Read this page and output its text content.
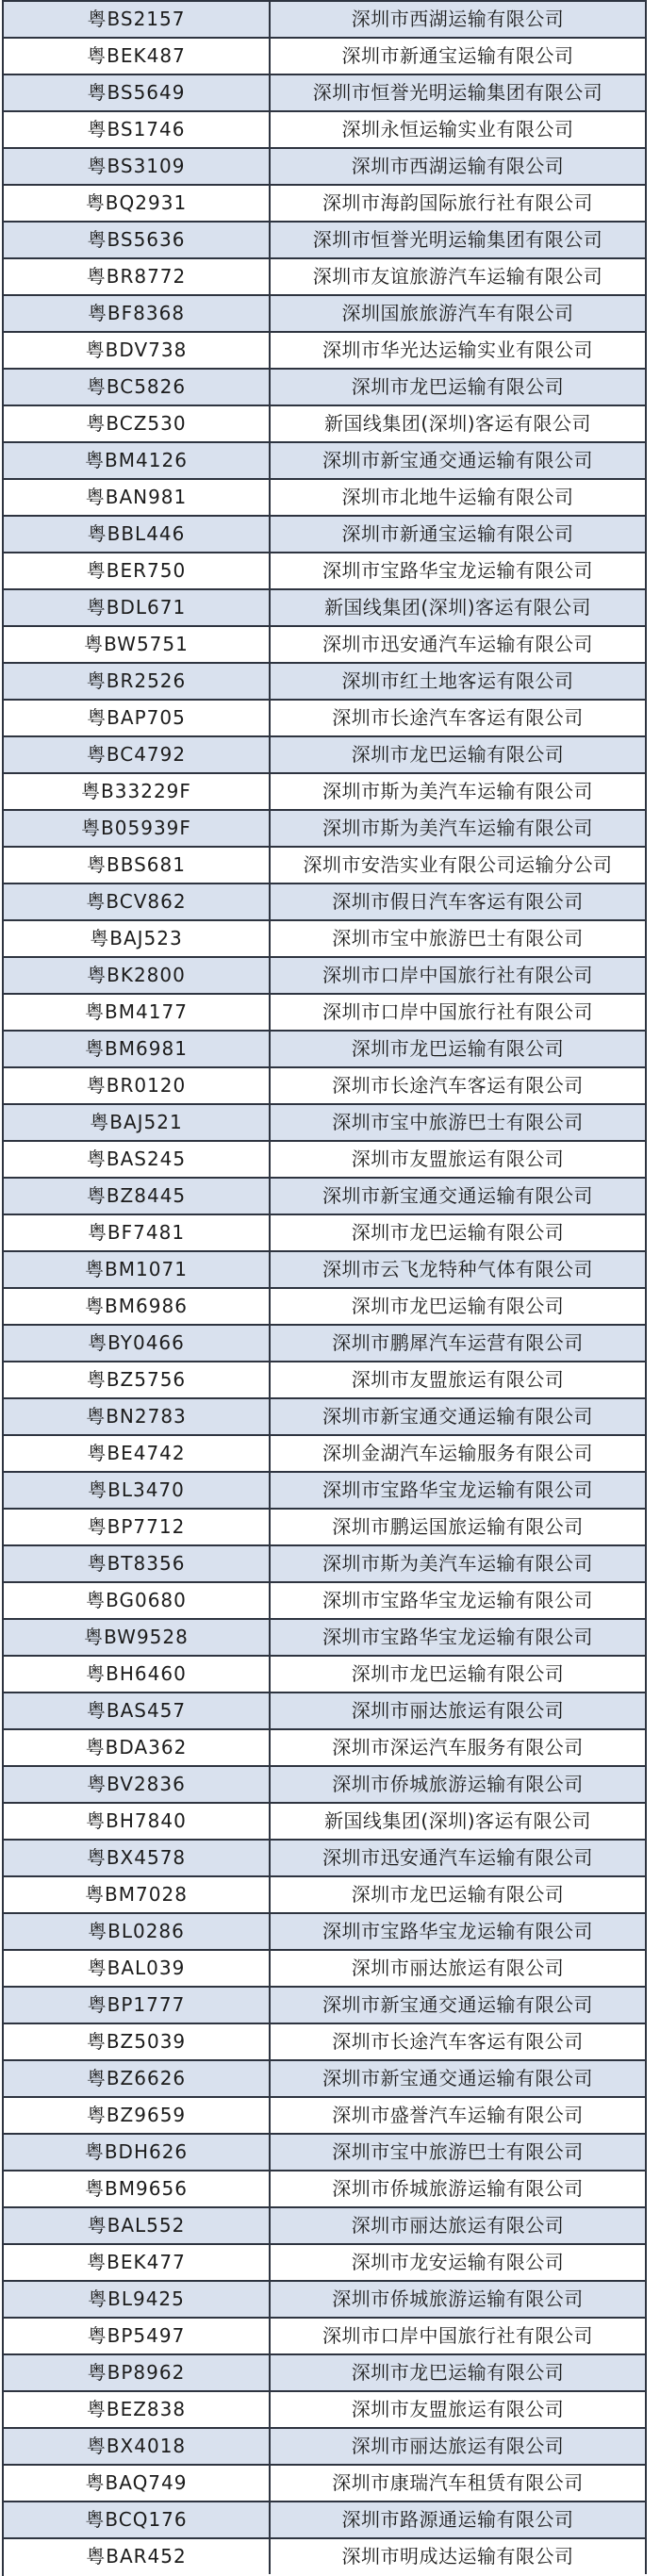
粤BS2157	深圳市西湖运输有限公司
粤BEK487	深圳市新通宝运输有限公司
粤BS5649	深圳市恒誉光明运输集团有限公司
粤BS1746	深圳永恒运输实业有限公司
粤BS3109	深圳市西湖运输有限公司
粤BQ2931	深圳市海韵国际旅行社有限公司
粤BS5636	深圳市恒誉光明运输集团有限公司
粤BR8772	深圳市友谊旅游汽车运输有限公司
粤BF8368	深圳国旅旅游汽车有限公司
粤BDV738	深圳市华光达运输实业有限公司
粤BC5826	深圳市龙巴运输有限公司
粤BCZ530	新国线集团(深圳)客运有限公司
粤BM4126	深圳市新宝通交通运输有限公司
粤BAN981	深圳市北地牛运输有限公司
粤BBL446	深圳市新通宝运输有限公司
粤BER750	深圳市宝路华宝龙运输有限公司
粤BDL671	新国线集团(深圳)客运有限公司
粤BW5751	深圳市迅安通汽车运输有限公司
粤BR2526	深圳市红土地客运有限公司
粤BAP705	深圳市长途汽车客运有限公司
粤BC4792	深圳市龙巴运输有限公司
粤B33229F	深圳市斯为美汽车运输有限公司
粤B05939F	深圳市斯为美汽车运输有限公司
粤BBS681	深圳市安浩实业有限公司运输分公司
粤BCV862	深圳市假日汽车客运有限公司
粤BAJ523	深圳市宝中旅游巴士有限公司
粤BK2800	深圳市口岸中国旅行社有限公司
粤BM4177	深圳市口岸中国旅行社有限公司
粤BM6981	深圳市龙巴运输有限公司
粤BR0120	深圳市长途汽车客运有限公司
粤BAJ521	深圳市宝中旅游巴士有限公司
粤BAS245	深圳市友盟旅运有限公司
粤BZ8445	深圳市新宝通交通运输有限公司
粤BF7481	深圳市龙巴运输有限公司
粤BM1071	深圳市云飞龙特种气体有限公司
粤BM6986	深圳市龙巴运输有限公司
粤BY0466	深圳市鹏犀汽车运营有限公司
粤BZ5756	深圳市友盟旅运有限公司
粤BN2783	深圳市新宝通交通运输有限公司
粤BE4742	深圳金湖汽车运输服务有限公司
粤BL3470	深圳市宝路华宝龙运输有限公司
粤BP7712	深圳市鹏运国旅运输有限公司
粤BT8356	深圳市斯为美汽车运输有限公司
粤BG0680	深圳市宝路华宝龙运输有限公司
粤BW9528	深圳市宝路华宝龙运输有限公司
粤BH6460	深圳市龙巴运输有限公司
粤BAS457	深圳市丽达旅运有限公司
粤BDA362	深圳市深运汽车服务有限公司
粤BV2836	深圳市侨城旅游运输有限公司
粤BH7840	新国线集团(深圳)客运有限公司
粤BX4578	深圳市迅安通汽车运输有限公司
粤BM7028	深圳市龙巴运输有限公司
粤BL0286	深圳市宝路华宝龙运输有限公司
粤BAL039	深圳市丽达旅运有限公司
粤BP1777	深圳市新宝通交通运输有限公司
粤BZ5039	深圳市长途汽车客运有限公司
粤BZ6626	深圳市新宝通交通运输有限公司
粤BZ9659	深圳市盛誉汽车运输有限公司
粤BDH626	深圳市宝中旅游巴士有限公司
粤BM9656	深圳市侨城旅游运输有限公司
粤BAL552	深圳市丽达旅运有限公司
粤BEK477	深圳市龙安运输有限公司
粤BL9425	深圳市侨城旅游运输有限公司
粤BP5497	深圳市口岸中国旅行社有限公司
粤BP8962	深圳市龙巴运输有限公司
粤BEZ838	深圳市友盟旅运有限公司
粤BX4018	深圳市丽达旅运有限公司
粤BAQ749	深圳市康瑞汽车租赁有限公司
粤BCQ176	深圳市路源通运输有限公司
粤BAR452	深圳市明成达运输有限公司
